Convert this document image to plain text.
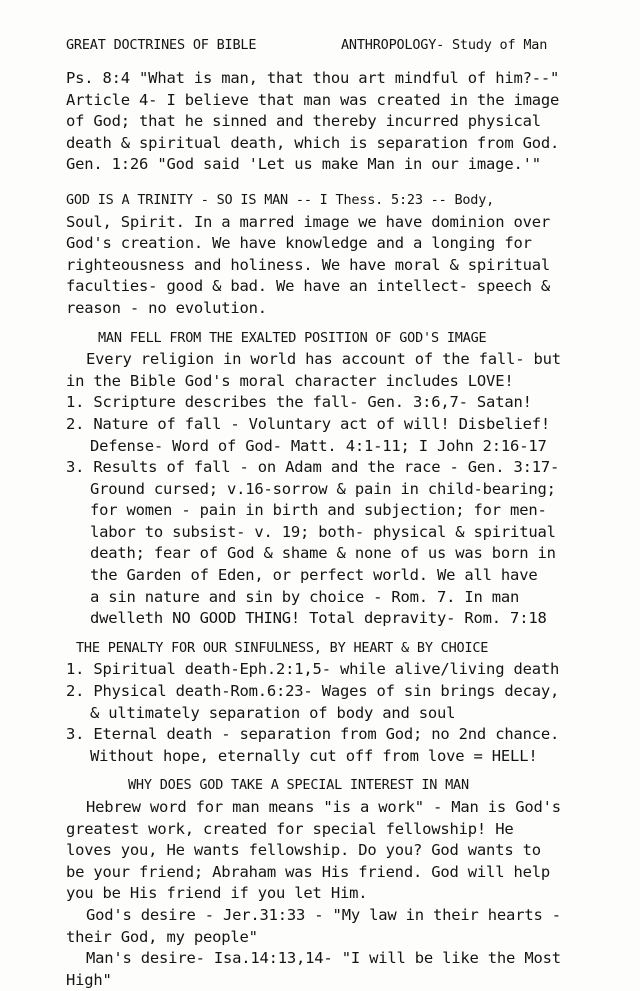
GREAT DOCTRINES OF BIBLE	ANTHROPOLOGY- Study of Man
Ps. 8:4 "What is man, that thou art mindful of him?--"
Article 4- I believe that man was created in the image
of God; that he sinned and thereby incurred physical
death & spiritual death, which is separation from God.
Gen. 1:26 "God said 'Let us make Man in our image.'"
GOD IS A TRINITY - SO IS MAN -- I Thess. 5:23 -- Body,
Soul, Spirit. In a marred image we have dominion over
God's creation. We have knowledge and a longing for
righteousness and holiness. We have moral & spiritual
faculties- good & bad. We have an intellect- speech &
reason - no evolution.
MAN FELL FROM THE EXALTED POSITION OF GOD'S IMAGE
Every religion in world has account of the fall- but
in the Bible God's moral character includes LOVE!
1. Scripture describes the fall- Gen. 3:6,7- Satan!
2. Nature of fall - Voluntary act of will! Disbelief!
Defense- Word of God- Matt. 4:1-11; I John 2:16-17
3. Results of fall - on Adam and the race - Gen. 3:17-
Ground cursed; v.16-sorrow & pain in child-bearing;
for women - pain in birth and subjection; for men-
labor to subsist- v. 19; both- physical & spiritual
death; fear of God & shame & none of us was born in
the Garden of Eden, or perfect world. We all have
a sin nature and sin by choice - Rom. 7. In man
dwelleth NO GOOD THING! Total depravity- Rom. 7:18
THE PENALTY FOR OUR SINFULNESS, BY HEART & BY CHOICE
1. Spiritual death-Eph.2:1,5- while alive/living death
2. Physical death-Rom.6:23- Wages of sin brings decay,
& ultimately separation of body and soul
3. Eternal death - separation from God; no 2nd chance.
Without hope, eternally cut off from love = HELL!
WHY DOES GOD TAKE A SPECIAL INTEREST IN MAN
Hebrew word for man means "is a work" - Man is God's
greatest work, created for special fellowship! He
loves you, He wants fellowship. Do you? God wants to
be your friend; Abraham was His friend. God will help
you be His friend if you let Him.
God's desire - Jer.31:33 - "My law in their hearts -
their God, my people"
Man's desire- Isa.14:13,14- "I will be like the Most
High"
